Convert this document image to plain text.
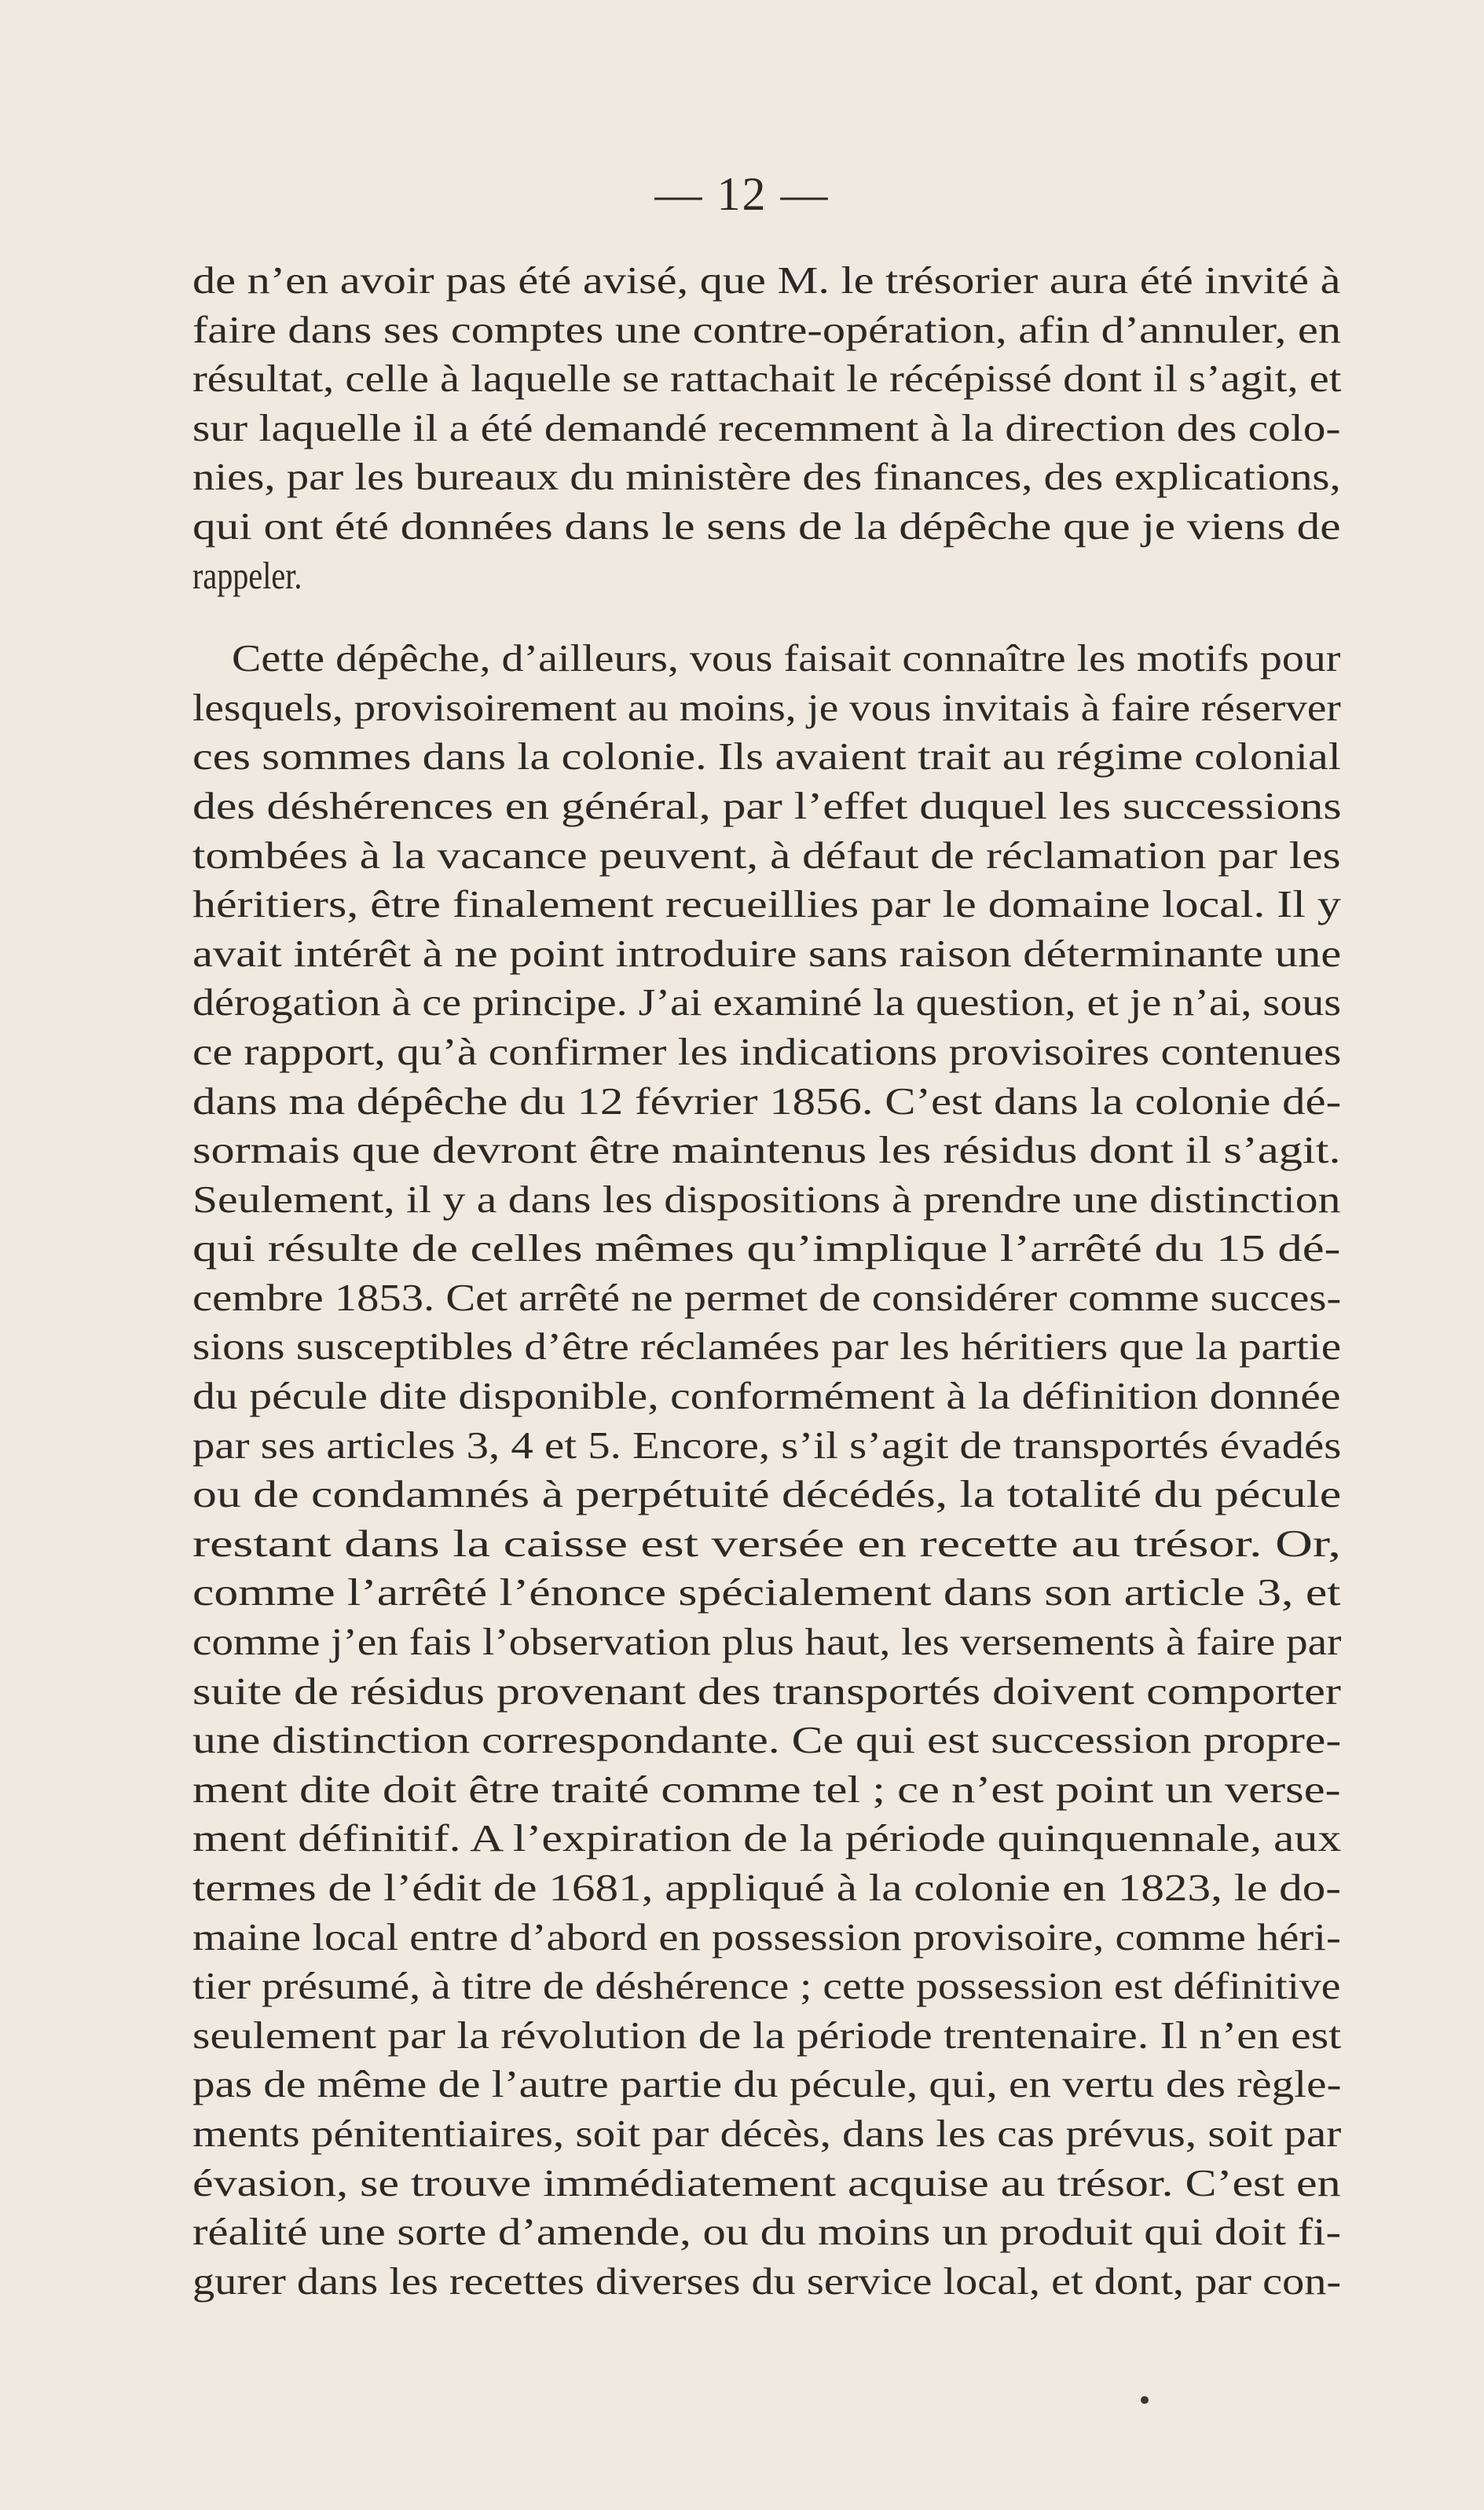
— 12 —
de n’en avoir pas été avisé, que M. le trésorier aura été invité à
faire dans ses comptes une contre-opération, afin d’annuler, en
résultat, celle à laquelle se rattachait le récépissé dont il s’agit, et
sur laquelle il a été demandé recemment à la direction des colo-
nies, par les bureaux du ministère des finances, des explications,
qui ont été données dans le sens de la dépêche que je viens de
rappeler.
Cette dépêche, d’ailleurs, vous faisait connaître les motifs pour
lesquels, provisoirement au moins, je vous invitais à faire réserver
ces sommes dans la colonie. Ils avaient trait au régime colonial
des déshérences en général, par l’effet duquel les successions
tombées à la vacance peuvent, à défaut de réclamation par les
héritiers, être finalement recueillies par le domaine local. Il y
avait intérêt à ne point introduire sans raison déterminante une
dérogation à ce principe. J’ai examiné la question, et je n’ai, sous
ce rapport, qu’à confirmer les indications provisoires contenues
dans ma dépêche du 12 février 1856. C’est dans la colonie dé-
sormais que devront être maintenus les résidus dont il s’agit.
Seulement, il y a dans les dispositions à prendre une distinction
qui résulte de celles mêmes qu’implique l’arrêté du 15 dé-
cembre 1853. Cet arrêté ne permet de considérer comme succes-
sions susceptibles d’être réclamées par les héritiers que la partie
du pécule dite disponible, conformément à la définition donnée
par ses articles 3, 4 et 5. Encore, s’il s’agit de transportés évadés
ou de condamnés à perpétuité décédés, la totalité du pécule
restant dans la caisse est versée en recette au trésor. Or,
comme l’arrêté l’énonce spécialement dans son article 3, et
comme j’en fais l’observation plus haut, les versements à faire par
suite de résidus provenant des transportés doivent comporter
une distinction correspondante. Ce qui est succession propre-
ment dite doit être traité comme tel ; ce n’est point un verse-
ment définitif. A l’expiration de la période quinquennale, aux
termes de l’édit de 1681, appliqué à la colonie en 1823, le do-
maine local entre d’abord en possession provisoire, comme héri-
tier présumé, à titre de déshérence ; cette possession est définitive
seulement par la révolution de la période trentenaire. Il n’en est
pas de même de l’autre partie du pécule, qui, en vertu des règle-
ments pénitentiaires, soit par décès, dans les cas prévus, soit par
évasion, se trouve immédiatement acquise au trésor. C’est en
réalité une sorte d’amende, ou du moins un produit qui doit fi-
gurer dans les recettes diverses du service local, et dont, par con-
